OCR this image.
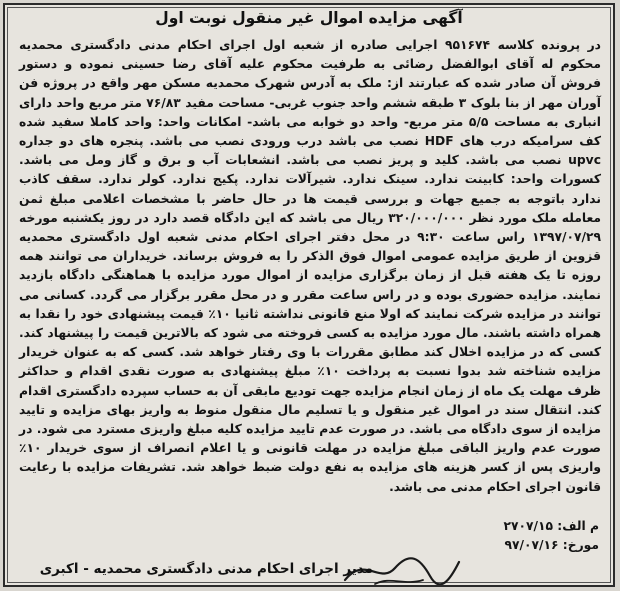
آگهی مزایده اموال غیر منقول نوبت اول
در پرونده کلاسه ۹۵۱۶۷۴ اجرایی صادره از شعبه اول اجرای احکام مدنی دادگستری محمدیه محکوم له آقای ابوالفضل رضائی به طرفیت محکوم علیه آقای رضا حسینی نموده و دستور فروش آن صادر شده که عبارتند از: ملک به آدرس شهرک محمدیه مسکن مهر واقع در پروژه فن آوران مهر از بنا بلوک ۳ طبقه ششم واحد جنوب غربی- مساحت مفید ۷۶/۸۳ متر مربع واحد دارای انباری به مساحت ۵/۵ متر مربع- واحد دو خوابه می باشد- امکانات واحد: واحد کاملا سفید شده کف سرامیکه درب های HDF نصب می باشد درب ورودی نصب می باشد. پنجره های دو جداره upvc نصب می باشد. کلید و پریز نصب می باشد. انشعابات آب و برق و گاز ومل می باشد. کسورات واحد: کابینت ندارد. سینک ندارد. شیرآلات ندارد. پکیج ندارد. کولر ندارد. سقف کاذب ندارد باتوجه به جمیع جهات و بررسی قیمت ها در حال حاضر با مشخصات اعلامی مبلغ ثمن معامله ملک مورد نظر ۳۲۰/۰۰۰/۰۰۰ ریال می باشد که این دادگاه قصد دارد در روز یکشنبه مورخه ۱۳۹۷/۰۷/۲۹ راس ساعت ۹:۳۰ در محل دفتر اجرای احکام مدنی شعبه اول دادگستری محمدیه قزوین از طریق مزایده عمومی اموال فوق الذکر را به فروش برساند. خریداران می توانند همه روزه تا یک هفته قبل از زمان برگزاری مزایده از اموال مورد مزایده با هماهنگی دادگاه بازدید نمایند. مزایده حضوری بوده و در راس ساعت مقرر و در محل مقرر برگزار می گردد. کسانی می توانند در مزایده شرکت نمایند که اولا منع قانونی نداشته ثانیا ۱۰٪ قیمت پیشنهادی خود را نقدا به همراه داشته باشند. مال مورد مزایده به کسی فروخته می شود که بالاترین قیمت را پیشنهاد کند. کسی که در مزایده اخلال کند مطابق مقررات با وی رفتار خواهد شد. کسی که به عنوان خریدار مزایده شناخته شد بدوا نسبت به پرداخت ۱۰٪ مبلغ پیشنهادی به صورت نقدی اقدام و حداکثر ظرف مهلت یک ماه از زمان انجام مزایده جهت تودیع مابقی آن به حساب سپرده دادگستری اقدام کند. انتقال سند در اموال غیر منقول و یا تسلیم مال منقول منوط به واریز بهای مزایده و تایید مزایده از سوی دادگاه می باشد. در صورت عدم تایید مزایده کلیه مبلغ واریزی مسترد می شود. در صورت عدم واریز الباقی مبلغ مزایده در مهلت قانونی و یا اعلام انصراف از سوی خریدار ۱۰٪ واریزی پس از کسر هزینه های مزایده به نفع دولت ضبط خواهد شد. تشریفات مزایده با رعایت قانون اجرای احکام مدنی می باشد.
م الف: ۲۷۰۷/۱۵
مورخ: ۹۷/۰۷/۱۶
مدیر اجرای احکام مدنی دادگستری محمدیه - اکبری
